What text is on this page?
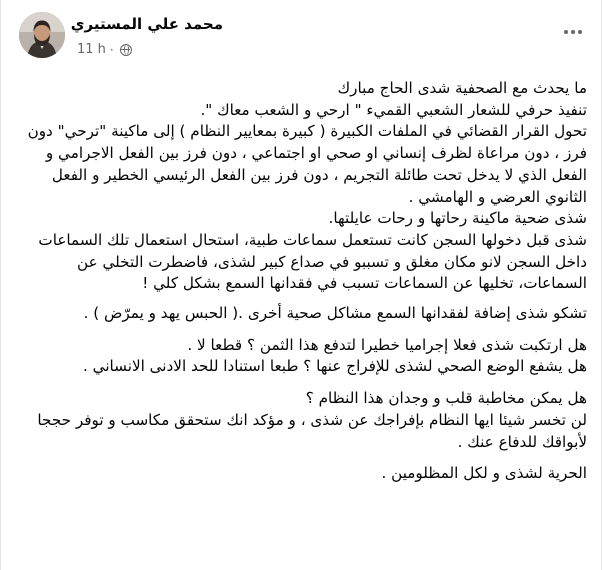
محمد علي المستيري
11 h ·

ما يحدث مع الصحفية شدى الحاج مبارك

تنفيذ حرفي للشعار الشعبي القميء " ارحي و الشعب معاك ".

تحول القرار القضائي في الملفات الكبيرة ( كبيرة بمعايير النظام ) إلى ماكينة "ترحي" دون فرز ، دون مراعاة لظرف إنساني او صحي او اجتماعي ، دون فرز بين الفعل الاجرامي و الفعل الذي لا يدخل تحت طائلة التجريم ، دون فرز بين الفعل الرئيسي الخطير و الفعل الثانوي العرضي و الهامشي .

شذى ضحية ماكينة رحاتها و رحات عايلتها.

شذى قبل دخولها السجن كانت تستعمل سماعات طبية، استحال استعمال تلك السماعات داخل السجن لانو مكان مغلق و تسببو في صداع كبير لشذى، فاضطرت التخلي عن السماعات، تخليها عن السماعات تسبب في فقدانها السمع بشكل كلي !

تشكو شذى إضافة لفقدانها السمع مشاكل صحية أخرى .( الحبس يهد و يمرّض ) .

هل ارتكبت شذى فعلا إجراميا خطيرا لتدفع هذا الثمن ؟ قطعا لا .

هل يشفع الوضع الصحي لشذى للإفراج عنها ؟ طبعا استنادا للحد الادنى الانساني .

هل يمكن مخاطبة قلب و وجدان هذا النظام ؟

لن تخسر شيئا ايها النظام بإفراجك عن شذى ، و مؤكد انك ستحقق مكاسب و توفر حججا لأبواقك للدفاع عنك .

الحرية لشذى و لكل المظلومين .
